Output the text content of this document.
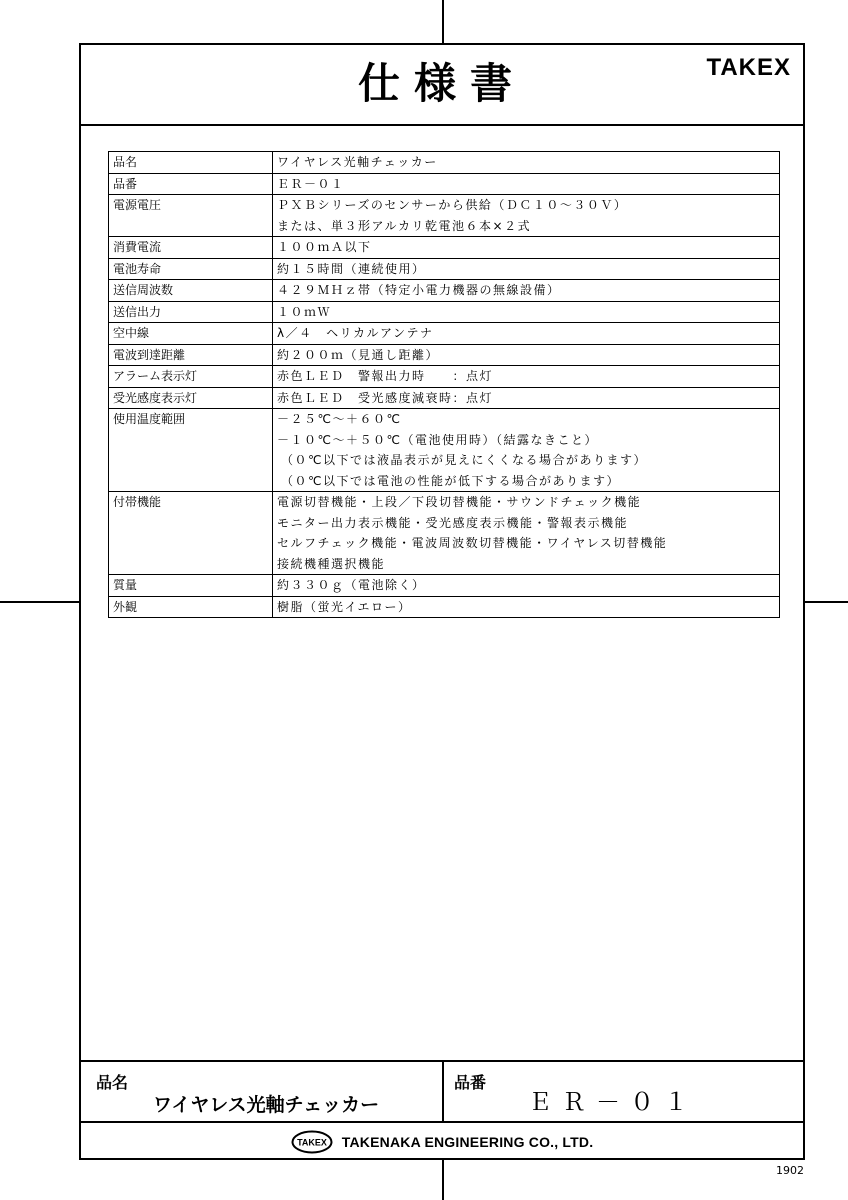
仕様書	TAKEX
品名	ワイヤレス光軸チェッカー

品番	ＥＲ－０１

電源電圧	ＰＸＢシリーズのセンサーから供給（ＤＣ１０～３０Ｖ）
または、単３形アルカリ乾電池６本×２式

消費電流	１００ｍＡ以下

電池寿命	約１５時間（連続使用）

送信周波数	４２９ＭＨｚ帯（特定小電力機器の無線設備）

送信出力	１０ｍＷ

空中線	λ／４　ヘリカルアンテナ

電波到達距離	約２００ｍ（見通し距離）

アラーム表示灯	赤色ＬＥＤ　警報出力時　　：点灯

受光感度表示灯	赤色ＬＥＤ　受光感度減衰時：点灯

使用温度範囲	－２５℃～＋６０℃
－１０℃～＋５０℃（電池使用時）（結露なきこと）
（０℃以下では液晶表示が見えにくくなる場合があります）
（０℃以下では電池の性能が低下する場合があります）

付帯機能	電源切替機能・上段／下段切替機能・サウンドチェック機能
モニター出力表示機能・受光感度表示機能・警報表示機能
セルフチェック機能・電波周波数切替機能・ワイヤレス切替機能
接続機種選択機能

質量	約３３０ｇ（電池除く）

外観	樹脂（蛍光イエロー）
品名
ワイヤレス光軸チェッカー
品番
ＥＲ－０１
TAKEX TAKENAKA ENGINEERING CO., LTD.
1902
